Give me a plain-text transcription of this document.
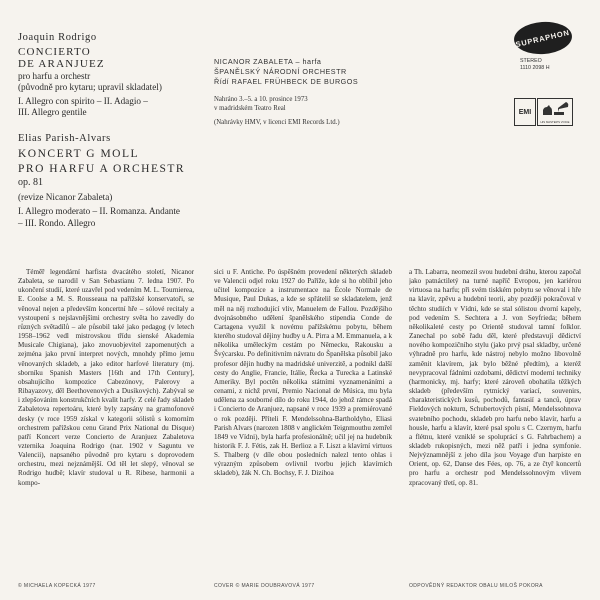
Joaquin Rodrigo
CONCIERTO
DE ARANJUEZ
pro harfu a orchestr
(původně pro kytaru; upravil skladatel)
I. Allegro con spirito – II. Adagio –
III. Allegro gentile
Elias Parish-Alvars
KONCERT G MOLL
PRO HARFU A ORCHESTR
op. 81
(revize Nicanor Zabaleta)
I. Allegro moderato – II. Romanza. Andante
– III. Rondo. Allegro
NICANOR ZABALETA – harfa
ŠPANĚLSKÝ NÁRODNÍ ORCHESTR
Řídí RAFAEL FRÜHBECK DE BURGOS
Nahráno 3.–5. a 10. prosince 1973
v madridském Teatro Real
(Nahrávky HMV, v licenci EMI Records Ltd.)
SUPRAPHON
STEREO
1110 2098 H
EMI
HIS MASTER'S VOICE

Téměř legendární harfista dvacátého století, Nicanor Zabaleta, se narodil v San Sebastianu 7. ledna 1907. Po ukončení studií, které uzavřel pod vedením M. L. Tournierea, E. Coolse a M. S. Rousseaua na pařížské konservatoři, se věnoval nejen a především koncertní hře – sólové recitaly a vystoupení s nejslavnějšími orchestry světa ho zavedly do různých světadílů – ale působil také jako pedagog (v letech 1958–1962 vedl mistrovskou třídu sienské Akademia Musicale Chigiana), jako znovuobjevitel zapomenutých a zejména jako první interpret nových, mnohdy přímo jemu věnovaných skladeb, a jako editor harfové literatury (mj. sborníku Spanish Masters [16th and 17th Century], obsahujícího kompozice Cabezónovy, Palerovy a Ribayazovy, děl Beethovenových a Dusíkových). Zabýval se i zlepšováním konstrukčních kvalit harfy. Z celé řady skladeb Zabaletova repertoáru, které byly zapsány na gramofonové desky (v roce 1959 získal v kategorii sólistů s komorním orchestrem pařížskou cenu Grand Prix National du Disque) patří Koncert verze Concierto de Aranjuez Zabaletova vzternika Joaquina Rodrigo (nar. 1902 v Saguntu ve Valencii), napsaného původně pro kytaru s doprovodem orchestru, mezi nejznámější. Od těl let slepý, věnoval se Rodrigo hudbě; klavír studoval u R. Ribese, harmonii a kompo-

sici u F. Antiche. Po úspěšném provedení některých skladeb ve Valencii odjel roku 1927 do Paříže, kde si ho oblíbil jeho učitel kompozice a instrumentace na École Normale de Musique, Paul Dukas, a kde se spřátelil se skladatelem, jenž měl na něj rozhodující vliv, Manuelem de Fallou. Pozdějšího dvojnásobného udělení španělského stipendia Conde de Cartagena využil k novému pařížskému pobytu, během kterého studoval dějiny hudby u A. Pirra a M. Emmanuela, a k několika uměleckým cestám po Německu, Rakousku a Švýcarsku. Po definitivním návratu do Španělska působil jako profesor dějin hudby na madridské univerzitě, a podnikl další cesty do Anglie, Francie, Itálie, Řecka a Turecka a Latinské Ameriky. Byl poctěn několika státními vyznamenáními a cenami, z nichž první, Premio Nacional de Música, mu byla udělena za souborné dílo do roku 1944, do jehož rámce spadá i Concierto de Aranjuez, napsané v roce 1939 a premiérované o rok později. Příteli F. Mendelssohna-Bartholdyho, Eliasi Parish Alvars (narozen 1808 v anglickém Teignmouthu zemřel 1849 ve Vídni), byla harfa profesionálně; učil jej na hudebník historik F. J. Fétis, zak H. Berlioz a F. Liszt a klavírní virtuos S. Thalberg (v díle obou posledních nalezl tento ohlas i výrazným způsobem ovlivnil tvorbu jejich klavírních skladeb), žák N. Ch. Bochsy, F. J. Dizihoa

a Th. Labarra, neomezil svou hudební dráhu, kterou započal jako patnáctiletý na turné napříč Evropou, jen kariérou virtuosa na harfu; při svém tiskkém pobytu se věnoval i hře na klavír, zpěvu a hudební teorii, aby později pokračoval v těchto studiích v Vídni, kde se stal sólistou dvorní kapely, pod vedením S. Sechtera a J. von Seyfrieda; během několikaleté cesty po Orientě studoval tamní folklor. Zanechal po sobě řadu děl, které představují dědictví nového kompozičního stylu (jako prvý psal skladby, určené výhradně pro harfu, kde nástroj nebylo možno libovolně zaměnit klavírem, jak bylo běžné předtím), a kteréž nevypracoval fádními ozdobami, dědictví moderní techniky (harmonicky, mj. harfy; které zároveň obohatila těžkých skladeb (především rytmický variací, souvenirs, charakteristických kusů, pochodů, fantasií a tanců, úprav Fieldových nokturn, Schubertových písní, Mendelssohnova svatebního pochodu, skladeb pro harfu nebo klavír, harfu a housle, harfu a klavír, které psal spolu s C. Czernym, harfu a flétnu, které vzniklé se spoluprácí s G. Fahrbachem) a skladeb rukopisných, mezi něž patří i jedna symfonie. Nejvýznamnější z jeho díla jsou Voyage d'un harpiste en Orient, op. 62, Danse des Fées, op. 76, a ze čtyř koncertů pro harfu a orchestr pod Mendelssohnovým vlivem zpracovaný třetí, op. 81.

© MICHAELA KOPECKÁ 1977	COVER © MARIE DOUBRAVOVÁ 1977	ODPOVĚDNÝ REDAKTOR OBALU MILOŠ POKORA
